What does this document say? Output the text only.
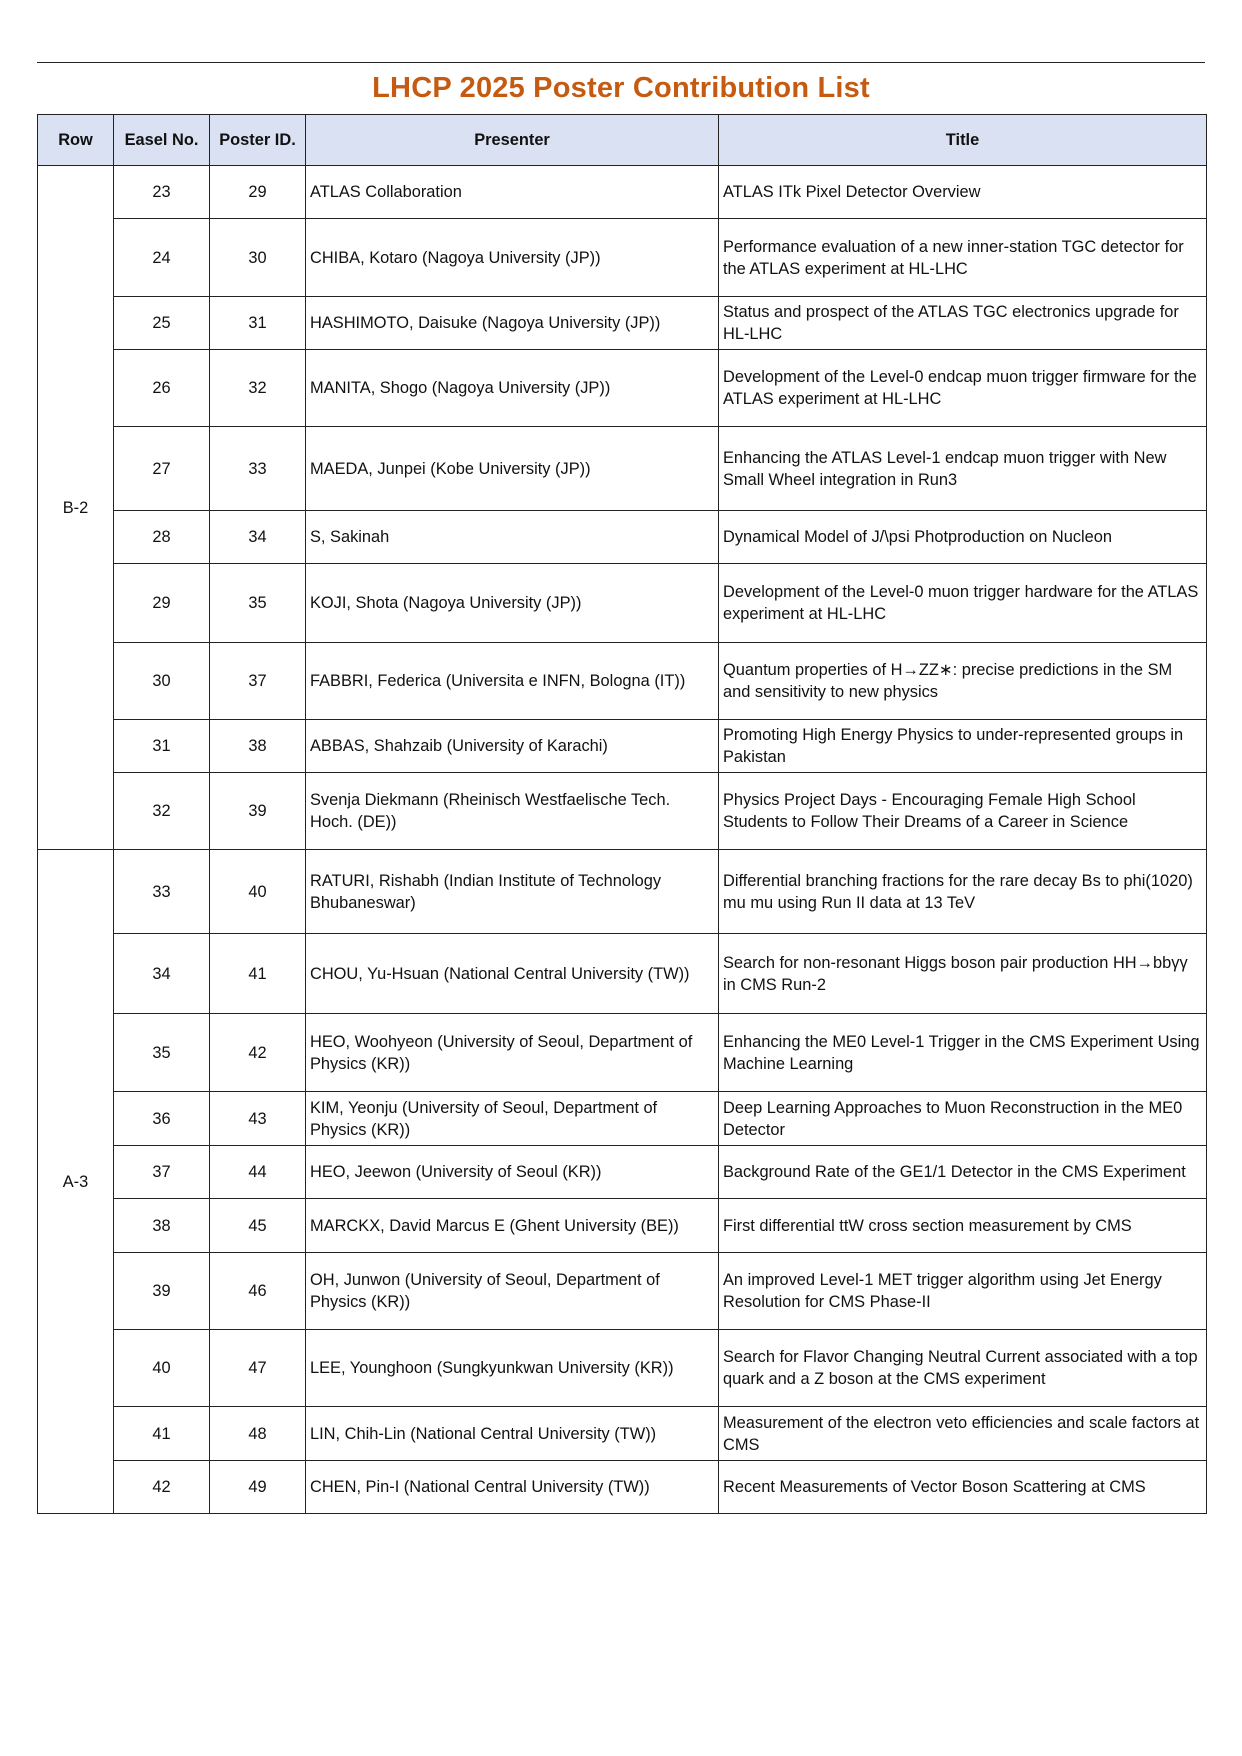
LHCP 2025 Poster Contribution List
Row	Easel No.	Poster ID.	Presenter	Title
B-2	23	29	ATLAS Collaboration	ATLAS ITk Pixel Detector Overview
	24	30	CHIBA, Kotaro (Nagoya University (JP))	Performance evaluation of a new inner-station TGC detector for the ATLAS experiment at HL-LHC
	25	31	HASHIMOTO, Daisuke (Nagoya University (JP))	Status and prospect of the ATLAS TGC electronics upgrade for HL-LHC
	26	32	MANITA, Shogo (Nagoya University (JP))	Development of the Level-0 endcap muon trigger firmware for the ATLAS experiment at HL-LHC
	27	33	MAEDA, Junpei (Kobe University (JP))	Enhancing the ATLAS Level-1 endcap muon trigger with New Small Wheel integration in Run3
	28	34	S, Sakinah	Dynamical Model of J/\psi Photproduction on Nucleon
	29	35	KOJI, Shota (Nagoya University (JP))	Development of the Level-0 muon trigger hardware for the ATLAS experiment at HL-LHC
	30	37	FABBRI, Federica (Universita e INFN, Bologna (IT))	Quantum properties of H→ZZ∗: precise predictions in the SM and sensitivity to new physics
	31	38	ABBAS, Shahzaib (University of Karachi)	Promoting High Energy Physics to under-represented groups in Pakistan
	32	39	Svenja Diekmann (Rheinisch Westfaelische Tech. Hoch. (DE))	Physics Project Days - Encouraging Female High School Students to Follow Their Dreams of a Career in Science
A-3	33	40	RATURI, Rishabh (Indian Institute of Technology Bhubaneswar)	Differential branching fractions for the rare decay Bs to phi(1020) mu mu using Run II data at 13 TeV
	34	41	CHOU, Yu-Hsuan (National Central University (TW))	Search for non-resonant Higgs boson pair production HH→bbγγ in CMS Run-2
	35	42	HEO, Woohyeon (University of Seoul, Department of Physics (KR))	Enhancing the ME0 Level-1 Trigger in the CMS Experiment Using Machine Learning
	36	43	KIM, Yeonju (University of Seoul, Department of Physics (KR))	Deep Learning Approaches to Muon Reconstruction in the ME0 Detector
	37	44	HEO, Jeewon (University of Seoul (KR))	Background Rate of the GE1/1 Detector in the CMS Experiment
	38	45	MARCKX, David Marcus E (Ghent University (BE))	First differential ttW cross section measurement by CMS
	39	46	OH, Junwon (University of Seoul, Department of Physics (KR))	An improved Level-1 MET trigger algorithm using Jet Energy Resolution for CMS Phase-II
	40	47	LEE, Younghoon (Sungkyunkwan University (KR))	Search for Flavor Changing Neutral Current associated with a top quark and a Z boson at the CMS experiment
	41	48	LIN, Chih-Lin (National Central University (TW))	Measurement of the electron veto efficiencies and scale factors at CMS
	42	49	CHEN, Pin-I (National Central University (TW))	Recent Measurements of Vector Boson Scattering at CMS
